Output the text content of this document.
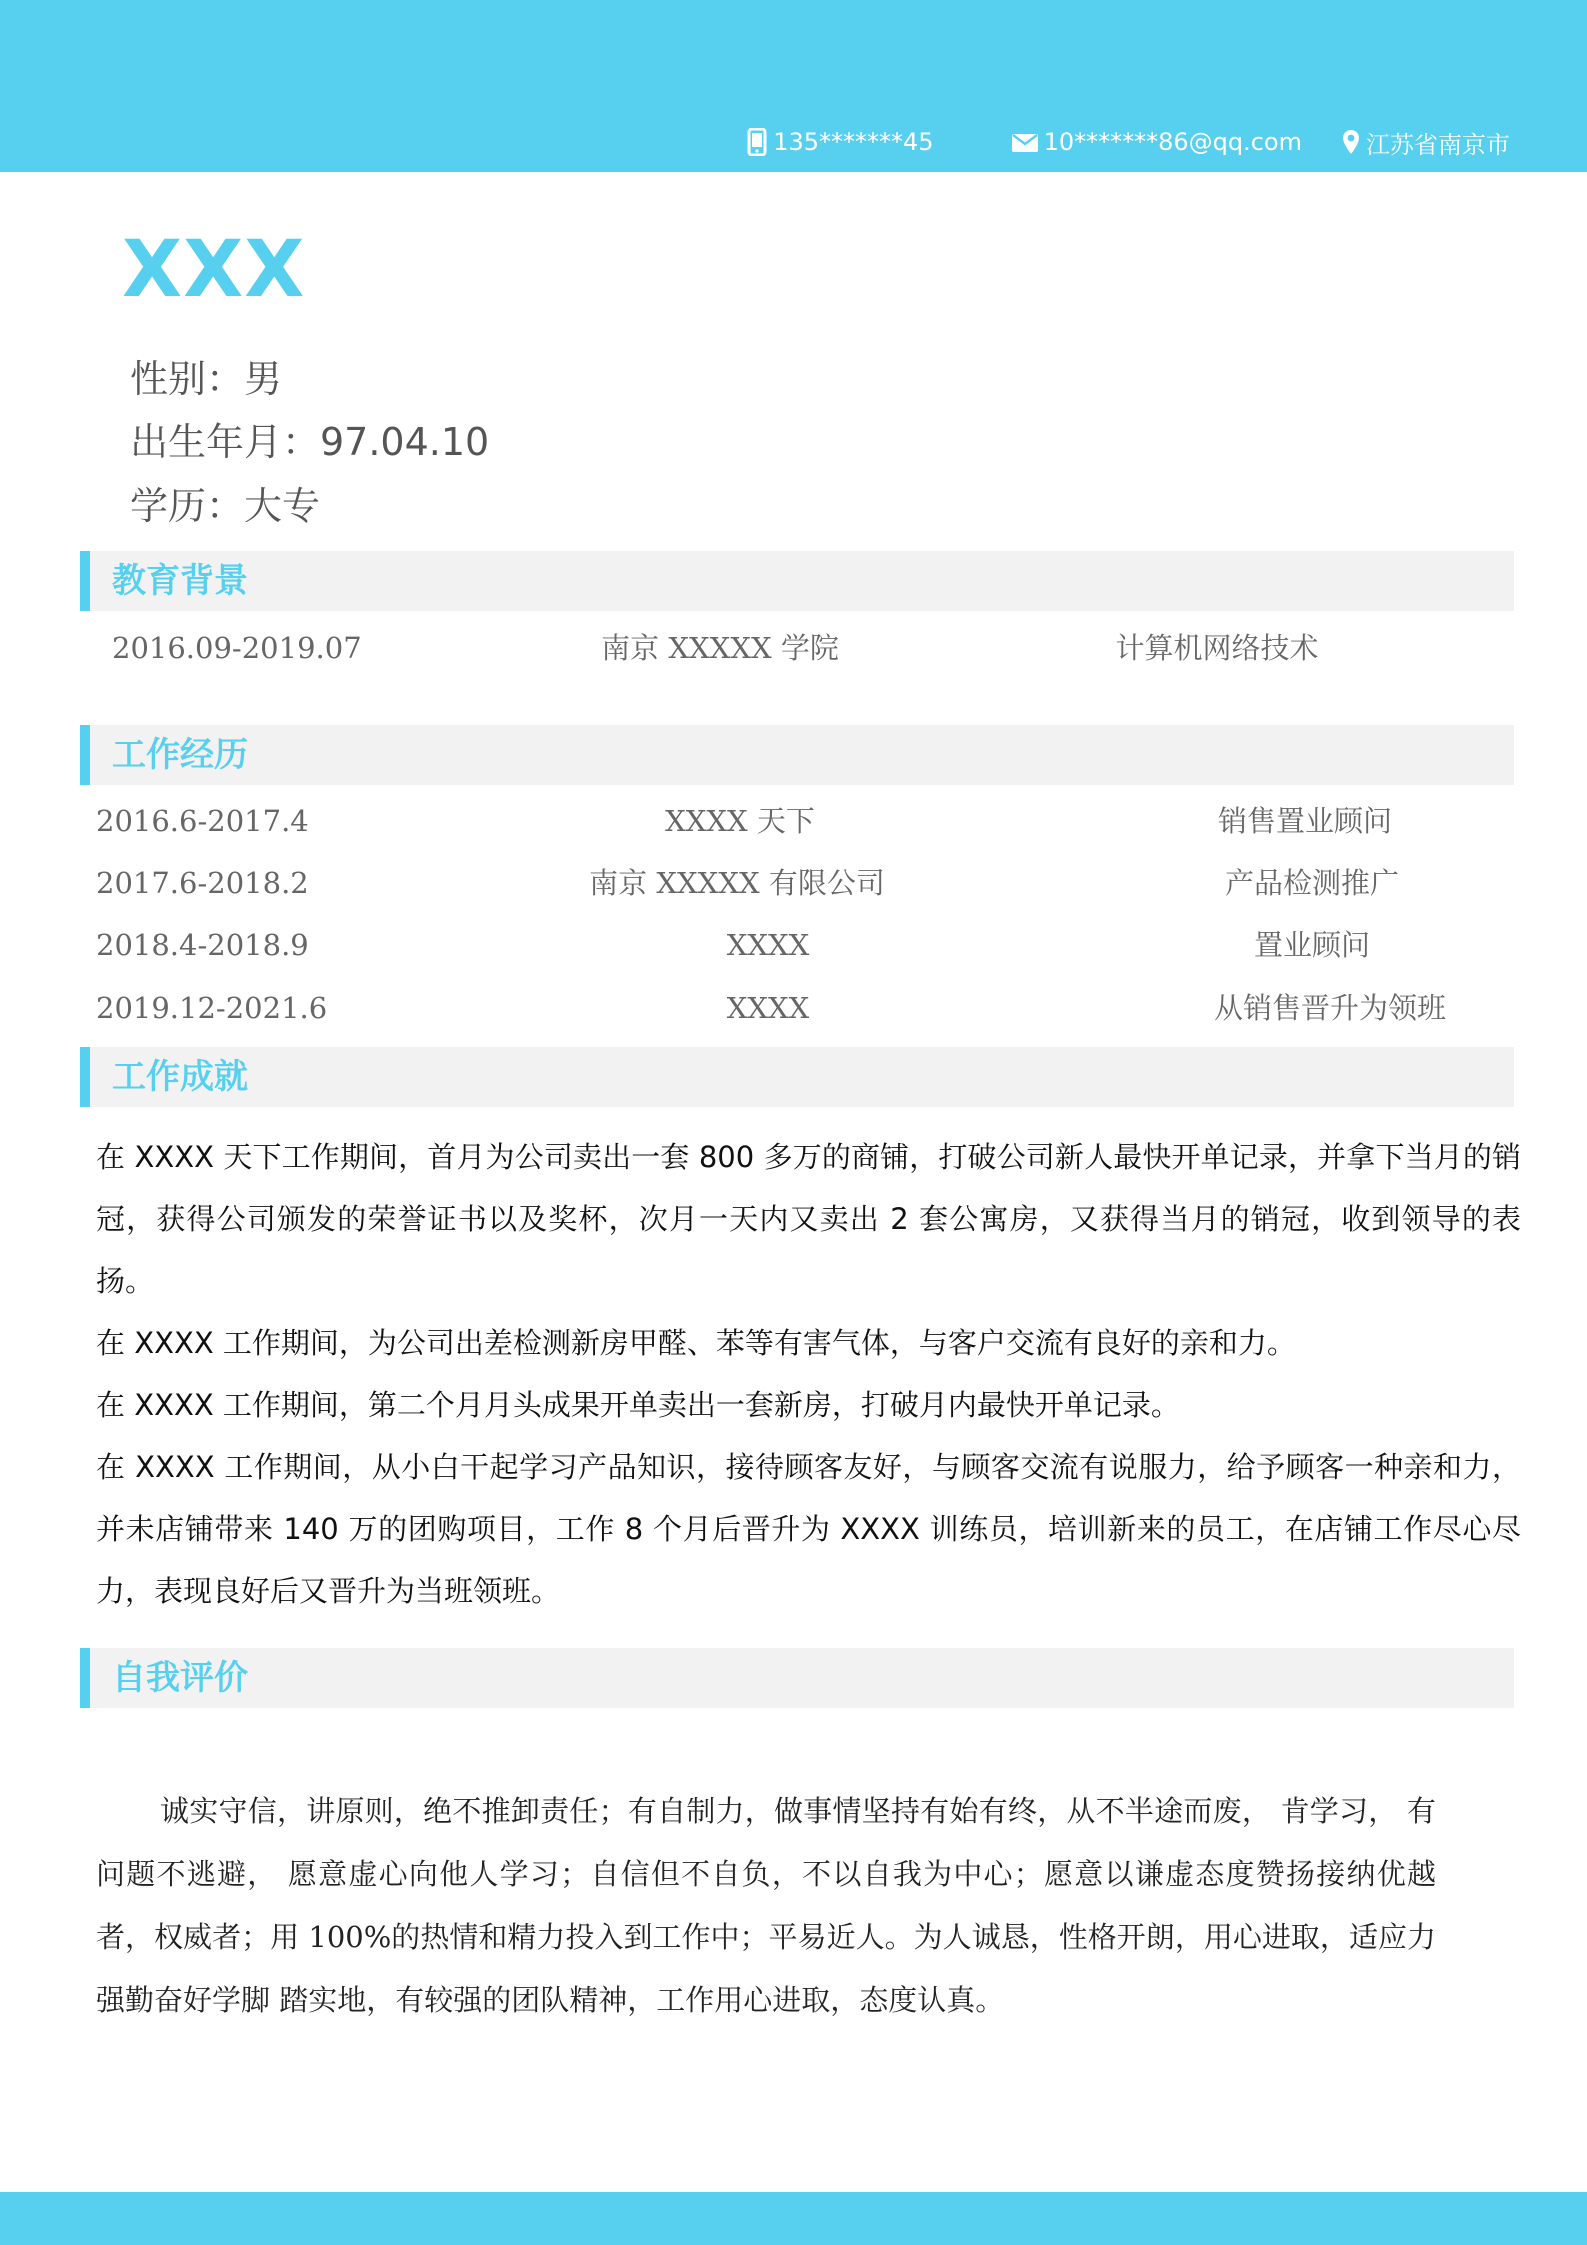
135*******45	10*******86@qq.com	江苏省南京市
XXX
性别：男
出生年月：97.04.10
学历：大专
教育背景
2016.09-2019.07	南京 XXXXX 学院	计算机网络技术
工作经历
2016.6-2017.4	XXXX 天下	销售置业顾问
2017.6-2018.2	南京 XXXXX 有限公司	产品检测推广
2018.4-2018.9	XXXX	置业顾问
2019.12-2021.6	XXXX	从销售晋升为领班
工作成就

在 XXXX 天下工作期间，首月为公司卖出一套 800 多万的商铺，打破公司新人最快开单记录，并拿下当月的销冠，获得公司颁发的荣誉证书以及奖杯，次月一天内又卖出 2 套公寓房，又获得当月的销冠，收到领导的表扬。

在 XXXX 工作期间，为公司出差检测新房甲醛、苯等有害气体，与客户交流有良好的亲和力。

在 XXXX 工作期间，第二个月月头成果开单卖出一套新房，打破月内最快开单记录。

在 XXXX 工作期间，从小白干起学习产品知识，接待顾客友好，与顾客交流有说服力，给予顾客一种亲和力，并未店铺带来 140 万的团购项目，工作 8 个月后晋升为 XXXX 训练员，培训新来的员工，在店铺工作尽心尽力，表现良好后又晋升为当班领班。

自我评价
诚实守信，讲原则，绝不推卸责任；有自制力，做事情坚持有始有终，从不半途而废， 肯学习， 有问题不逃避， 愿意虚心向他人学习；自信但不自负，不以自我为中心；愿意以谦虚态度赞扬接纳优越者，权威者；用 100%的热情和精力投入到工作中；平易近人。为人诚恳，性格开朗，用心进取，适应力强勤奋好学脚 踏实地，有较强的团队精神，工作用心进取，态度认真。
